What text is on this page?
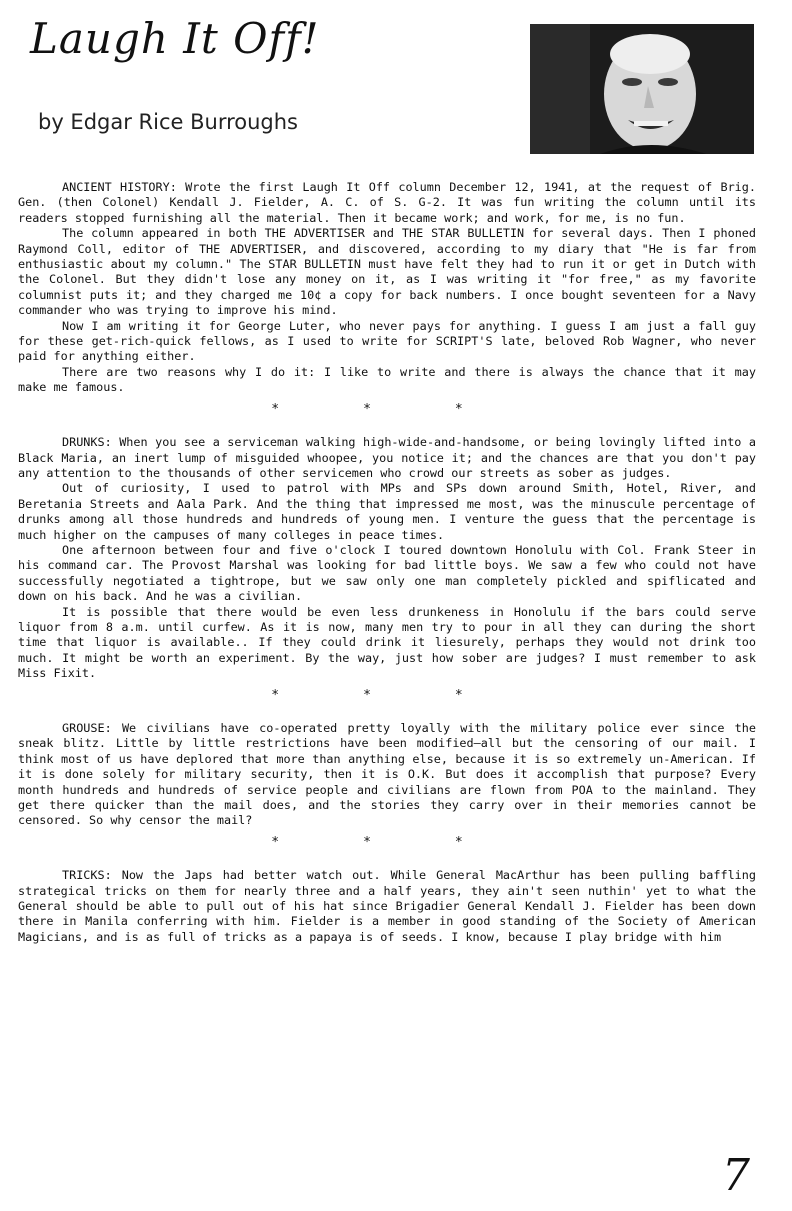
Laugh It Off!
by Edgar Rice Burroughs

ANCIENT HISTORY: Wrote the first Laugh It Off column December 12, 1941, at the request of Brig. Gen. (then Colonel) Kendall J. Fielder, A. C. of S. G-2. It was fun writing the column until its readers stopped furnishing all the material. Then it became work; and work, for me, is no fun.

The column appeared in both THE ADVERTISER and THE STAR BULLETIN for several days. Then I phoned Raymond Coll, editor of THE ADVERTISER, and discovered, according to my diary that "He is far from enthusiastic about my column." The STAR BULLETIN must have felt they had to run it or get in Dutch with the Colonel. But they didn't lose any money on it, as I was writing it "for free," as my favorite columnist puts it; and they charged me 10¢ a copy for back numbers. I once bought seventeen for a Navy commander who was trying to improve his mind.

Now I am writing it for George Luter, who never pays for anything. I guess I am just a fall guy for these get-rich-quick fellows, as I used to write for SCRIPT'S late, beloved Rob Wagner, who never paid for anything either.

There are two reasons why I do it: I like to write and there is always the chance that it may make me famous.

*	*	*

DRUNKS: When you see a serviceman walking high-wide-and-handsome, or being lovingly lifted into a Black Maria, an inert lump of misguided whoopee, you notice it; and the chances are that you don't pay any attention to the thousands of other servicemen who crowd our streets as sober as judges.

Out of curiosity, I used to patrol with MPs and SPs down around Smith, Hotel, River, and Beretania Streets and Aala Park. And the thing that impressed me most, was the minuscule percentage of drunks among all those hundreds and hundreds of young men. I venture the guess that the percentage is much higher on the campuses of many colleges in peace times.

One afternoon between four and five o'clock I toured downtown Honolulu with Col. Frank Steer in his command car. The Provost Marshal was looking for bad little boys. We saw a few who could not have successfully negotiated a tightrope, but we saw only one man completely pickled and spiflicated and down on his back. And he was a civilian.

It is possible that there would be even less drunkeness in Honolulu if the bars could serve liquor from 8 a.m. until curfew. As it is now, many men try to pour in all they can during the short time that liquor is available.. If they could drink it liesurely, perhaps they would not drink too much. It might be worth an experiment. By the way, just how sober are judges? I must remember to ask Miss Fixit.

*	*	*

GROUSE: We civilians have co-operated pretty loyally with the military police ever since the sneak blitz. Little by little restrictions have been modified—all but the censoring of our mail. I think most of us have deplored that more than anything else, because it is so extremely un-American. If it is done solely for military security, then it is O.K. But does it accomplish that purpose? Every month hundreds and hundreds of service people and civilians are flown from POA to the mainland. They get there quicker than the mail does, and the stories they carry over in their memories cannot be censored. So why censor the mail?

*	*	*

TRICKS: Now the Japs had better watch out. While General MacArthur has been pulling baffling strategical tricks on them for nearly three and a half years, they ain't seen nuthin' yet to what the General should be able to pull out of his hat since Brigadier General Kendall J. Fielder has been down there in Manila conferring with him. Fielder is a member in good standing of the Society of American Magicians, and is as full of tricks as a papaya is of seeds. I know, because I play bridge with him

7
